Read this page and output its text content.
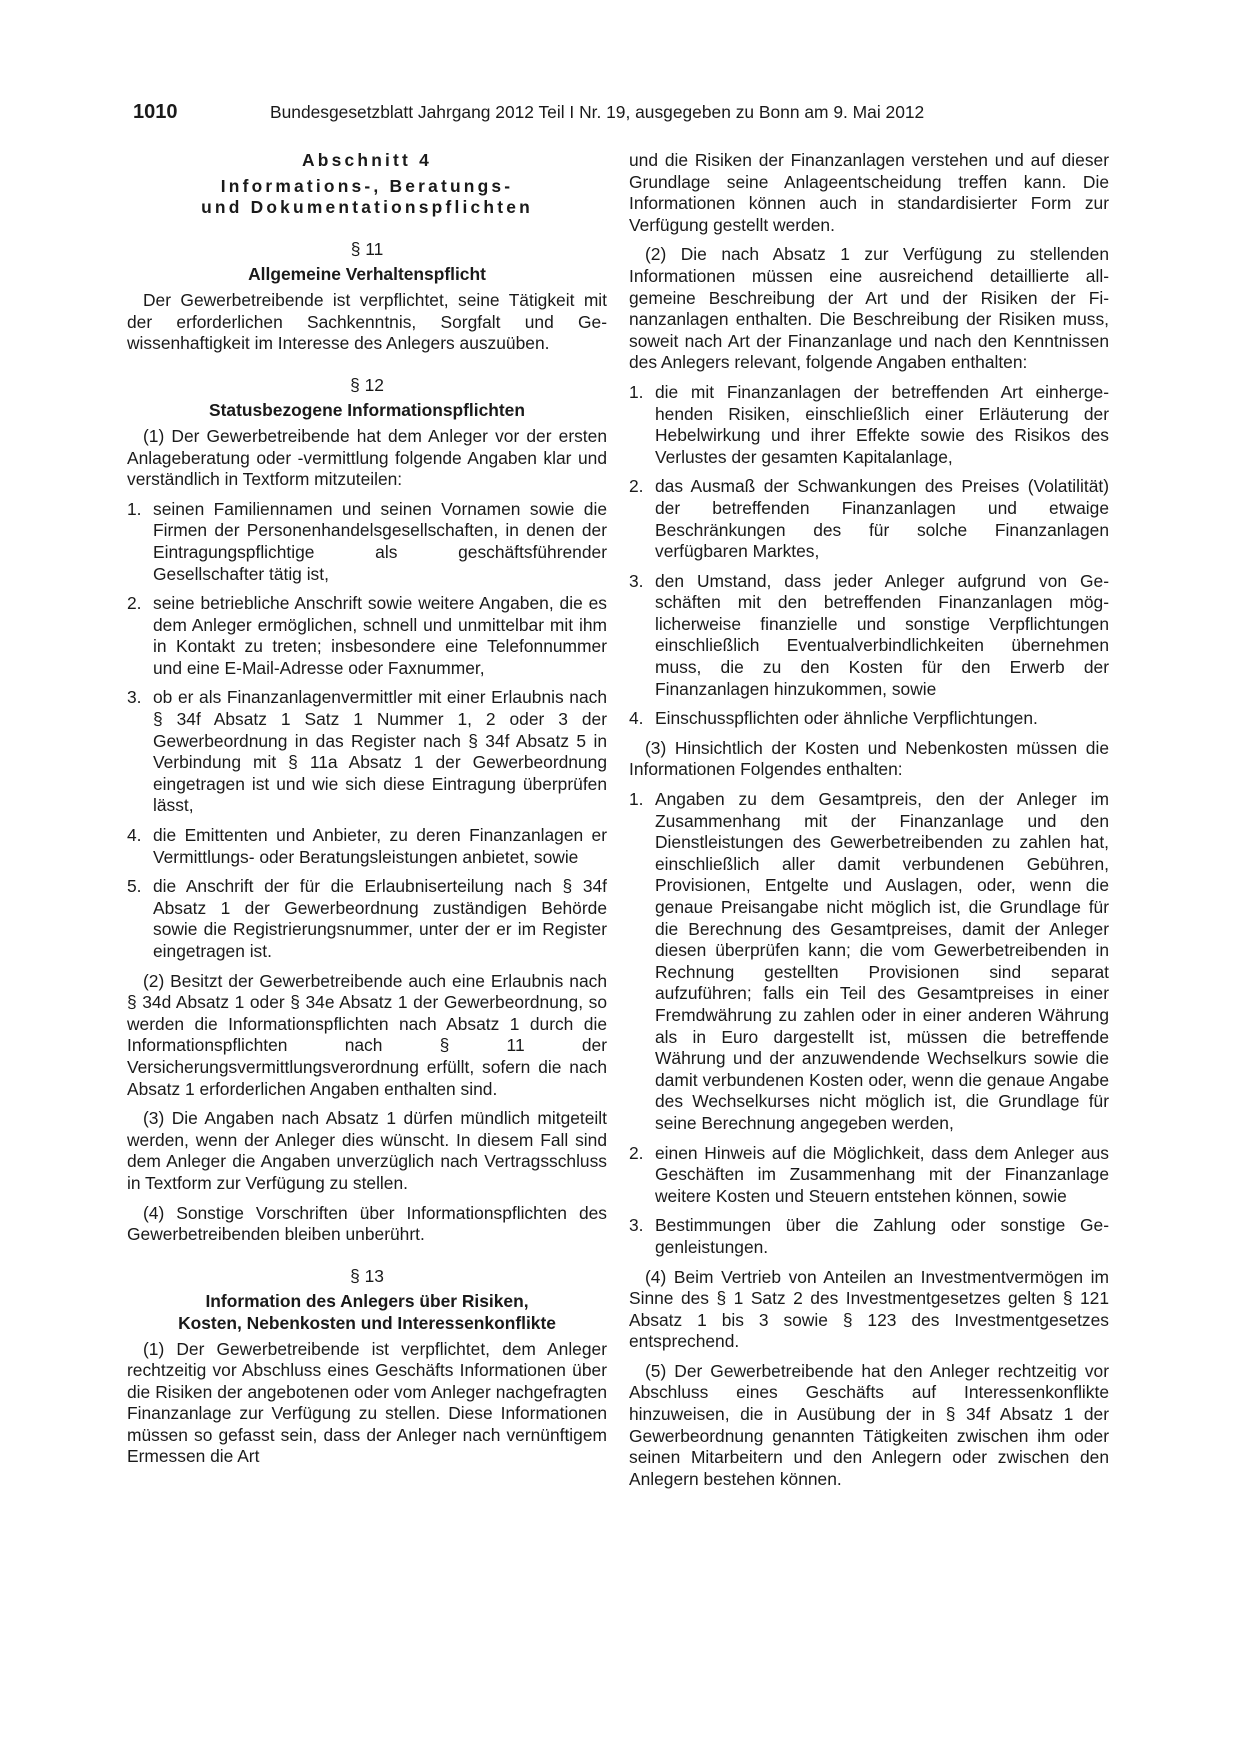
1010	Bundesgesetzblatt Jahrgang 2012 Teil I Nr. 19, ausgegeben zu Bonn am 9. Mai 2012

Abschnitt 4

Informations-, Beratungs-

und Dokumentationspflichten

§ 11

Allgemeine Verhaltenspflicht

Der Gewerbetreibende ist verpflichtet, seine Tätigkeit mit der erforderlichen Sachkenntnis, Sorgfalt und Gewissenhaftigkeit im Interesse des Anlegers auszuüben.

§ 12

Statusbezogene Informationspflichten

(1) Der Gewerbetreibende hat dem Anleger vor der ersten Anlageberatung oder -vermittlung folgende Angaben klar und verständlich in Textform mitzuteilen:

1. seinen Familiennamen und seinen Vornamen sowie die Firmen der Personenhandelsgesellschaften, in denen der Eintragungspflichtige als geschäftsführender Gesellschafter tätig ist,
2. seine betriebliche Anschrift sowie weitere Angaben, die es dem Anleger ermöglichen, schnell und unmittelbar mit ihm in Kontakt zu treten; insbesondere eine Telefonnummer und eine E-Mail-Adresse oder Faxnummer,
3. ob er als Finanzanlagenvermittler mit einer Erlaubnis nach § 34f Absatz 1 Satz 1 Nummer 1, 2 oder 3 der Gewerbeordnung in das Register nach § 34f Absatz 5 in Verbindung mit § 11a Absatz 1 der Gewerbeordnung eingetragen ist und wie sich diese Eintragung überprüfen lässt,
4. die Emittenten und Anbieter, zu deren Finanzanlagen er Vermittlungs- oder Beratungsleistungen anbietet, sowie
5. die Anschrift der für die Erlaubniserteilung nach § 34f Absatz 1 der Gewerbeordnung zuständigen Behörde sowie die Registrierungsnummer, unter der er im Register eingetragen ist.

(2) Besitzt der Gewerbetreibende auch eine Erlaubnis nach § 34d Absatz 1 oder § 34e Absatz 1 der Gewerbeordnung, so werden die Informationspflichten nach Absatz 1 durch die Informationspflichten nach § 11 der Versicherungsvermittlungsverordnung erfüllt, sofern die nach Absatz 1 erforderlichen Angaben enthalten sind.

(3) Die Angaben nach Absatz 1 dürfen mündlich mitgeteilt werden, wenn der Anleger dies wünscht. In diesem Fall sind dem Anleger die Angaben unverzüglich nach Vertragsschluss in Textform zur Verfügung zu stellen.

(4) Sonstige Vorschriften über Informationspflichten des Gewerbetreibenden bleiben unberührt.

§ 13

Information des Anlegers über Risiken,

Kosten, Nebenkosten und Interessenkonflikte

(1) Der Gewerbetreibende ist verpflichtet, dem Anleger rechtzeitig vor Abschluss eines Geschäfts Informationen über die Risiken der angebotenen oder vom Anleger nachgefragten Finanzanlage zur Verfügung zu stellen. Diese Informationen müssen so gefasst sein, dass der Anleger nach vernünftigem Ermessen die Art

und die Risiken der Finanzanlagen verstehen und auf dieser Grundlage seine Anlageentscheidung treffen kann. Die Informationen können auch in standardisierter Form zur Verfügung gestellt werden.

(2) Die nach Absatz 1 zur Verfügung zu stellenden Informationen müssen eine ausreichend detaillierte allgemeine Beschreibung der Art und der Risiken der Finanzanlagen enthalten. Die Beschreibung der Risiken muss, soweit nach Art der Finanzanlage und nach den Kenntnissen des Anlegers relevant, folgende Angaben enthalten:

1. die mit Finanzanlagen der betreffenden Art einhergehenden Risiken, einschließlich einer Erläuterung der Hebelwirkung und ihrer Effekte sowie des Risikos des Verlustes der gesamten Kapitalanlage,
2. das Ausmaß der Schwankungen des Preises (Volatilität) der betreffenden Finanzanlagen und etwaige Beschränkungen des für solche Finanzanlagen verfügbaren Marktes,
3. den Umstand, dass jeder Anleger aufgrund von Geschäften mit den betreffenden Finanzanlagen möglicherweise finanzielle und sonstige Verpflichtungen einschließlich Eventualverbindlichkeiten übernehmen muss, die zu den Kosten für den Erwerb der Finanzanlagen hinzukommen, sowie
4. Einschusspflichten oder ähnliche Verpflichtungen.

(3) Hinsichtlich der Kosten und Nebenkosten müssen die Informationen Folgendes enthalten:

1. Angaben zu dem Gesamtpreis, den der Anleger im Zusammenhang mit der Finanzanlage und den Dienstleistungen des Gewerbetreibenden zu zahlen hat, einschließlich aller damit verbundenen Gebühren, Provisionen, Entgelte und Auslagen, oder, wenn die genaue Preisangabe nicht möglich ist, die Grundlage für die Berechnung des Gesamtpreises, damit der Anleger diesen überprüfen kann; die vom Gewerbetreibenden in Rechnung gestellten Provisionen sind separat aufzuführen; falls ein Teil des Gesamtpreises in einer Fremdwährung zu zahlen oder in einer anderen Währung als in Euro dargestellt ist, müssen die betreffende Währung und der anzuwendende Wechselkurs sowie die damit verbundenen Kosten oder, wenn die genaue Angabe des Wechselkurses nicht möglich ist, die Grundlage für seine Berechnung angegeben werden,
2. einen Hinweis auf die Möglichkeit, dass dem Anleger aus Geschäften im Zusammenhang mit der Finanzanlage weitere Kosten und Steuern entstehen können, sowie
3. Bestimmungen über die Zahlung oder sonstige Gegenleistungen.

(4) Beim Vertrieb von Anteilen an Investmentvermögen im Sinne des § 1 Satz 2 des Investmentgesetzes gelten § 121 Absatz 1 bis 3 sowie § 123 des Investmentgesetzes entsprechend.

(5) Der Gewerbetreibende hat den Anleger rechtzeitig vor Abschluss eines Geschäfts auf Interessenkonflikte hinzuweisen, die in Ausübung der in § 34f Absatz 1 der Gewerbeordnung genannten Tätigkeiten zwischen ihm oder seinen Mitarbeitern und den Anlegern oder zwischen den Anlegern bestehen können.
